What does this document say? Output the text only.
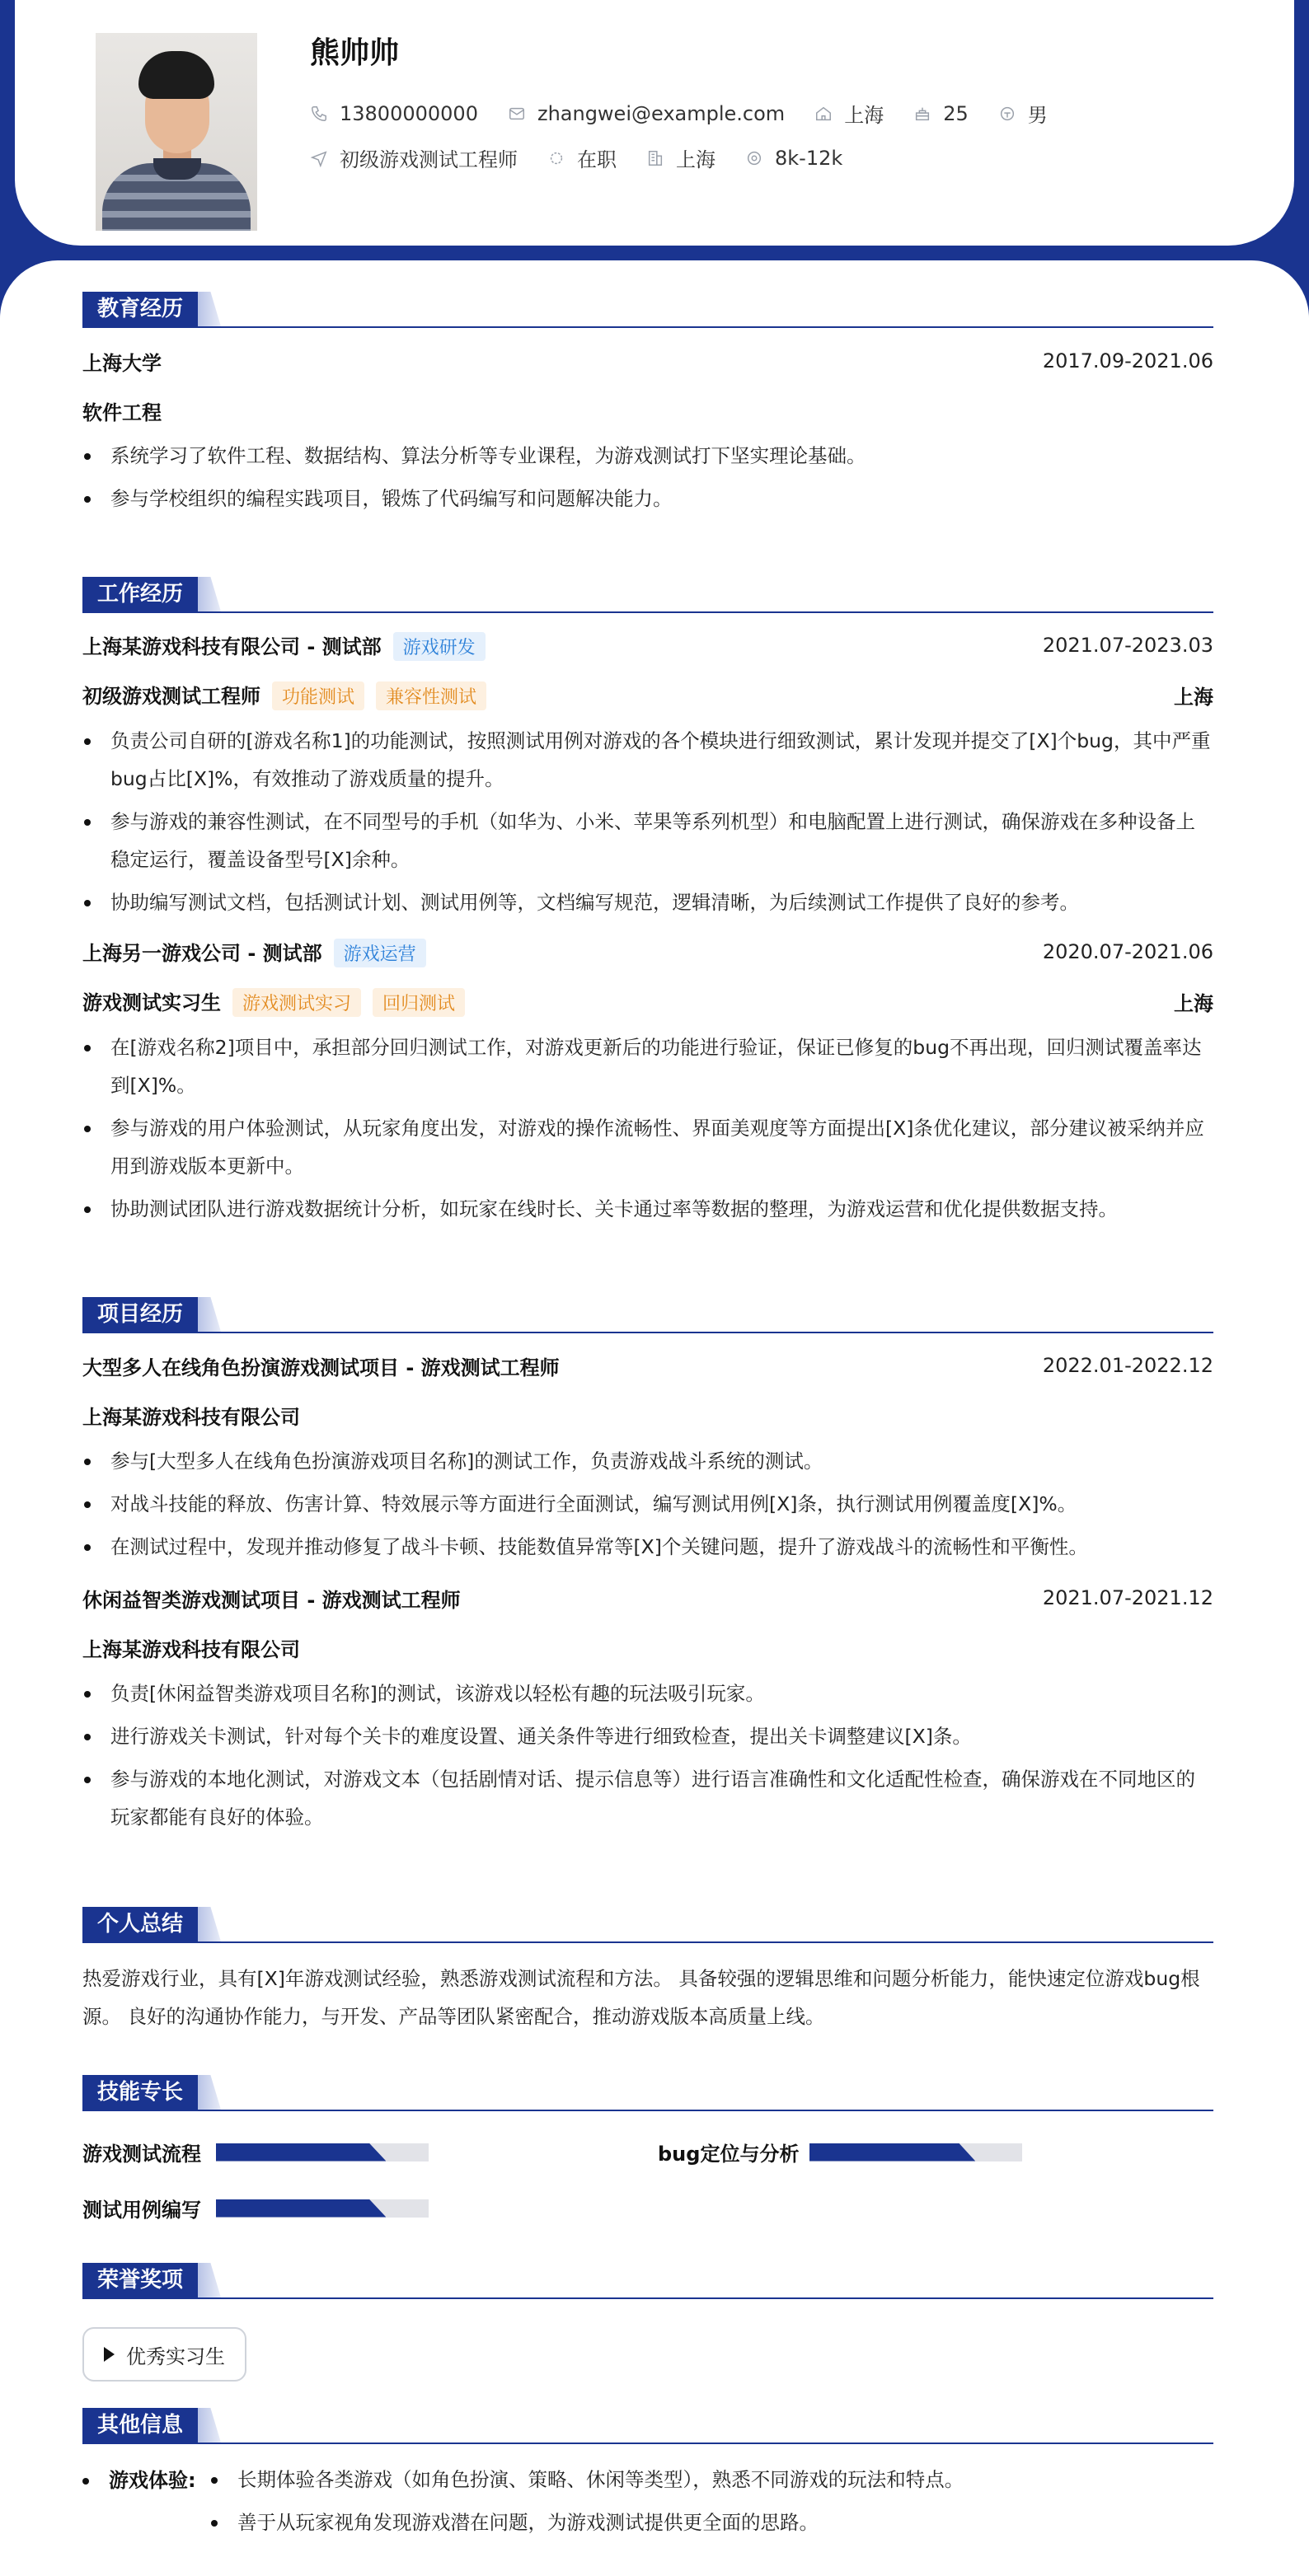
熊帅帅
13800000000	zhangwei@example.com	上海	25	男
初级游戏测试工程师	在职	上海	8k-12k
教育经历
上海大学	2017.09-2021.06
软件工程
系统学习了软件工程、数据结构、算法分析等专业课程，为游戏测试打下坚实理论基础。
参与学校组织的编程实践项目，锻炼了代码编写和问题解决能力。
工作经历
上海某游戏科技有限公司 - 测试部 游戏研发	2021.07-2023.03
初级游戏测试工程师 功能测试 兼容性测试	上海
负责公司自研的[游戏名称1]的功能测试，按照测试用例对游戏的各个模块进行细致测试，累计发现并提交了[X]个bug，其中严重bug占比[X]%，有效推动了游戏质量的提升。
参与游戏的兼容性测试，在不同型号的手机（如华为、小米、苹果等系列机型）和电脑配置上进行测试，确保游戏在多种设备上稳定运行，覆盖设备型号[X]余种。
协助编写测试文档，包括测试计划、测试用例等，文档编写规范，逻辑清晰，为后续测试工作提供了良好的参考。
上海另一游戏公司 - 测试部 游戏运营	2020.07-2021.06
游戏测试实习生 游戏测试实习 回归测试	上海
在[游戏名称2]项目中，承担部分回归测试工作，对游戏更新后的功能进行验证，保证已修复的bug不再出现，回归测试覆盖率达到[X]%。
参与游戏的用户体验测试，从玩家角度出发，对游戏的操作流畅性、界面美观度等方面提出[X]条优化建议，部分建议被采纳并应用到游戏版本更新中。
协助测试团队进行游戏数据统计分析，如玩家在线时长、关卡通过率等数据的整理，为游戏运营和优化提供数据支持。
项目经历
大型多人在线角色扮演游戏测试项目 - 游戏测试工程师	2022.01-2022.12
上海某游戏科技有限公司
参与[大型多人在线角色扮演游戏项目名称]的测试工作，负责游戏战斗系统的测试。
对战斗技能的释放、伤害计算、特效展示等方面进行全面测试，编写测试用例[X]条，执行测试用例覆盖度[X]%。
在测试过程中，发现并推动修复了战斗卡顿、技能数值异常等[X]个关键问题，提升了游戏战斗的流畅性和平衡性。
休闲益智类游戏测试项目 - 游戏测试工程师	2021.07-2021.12
上海某游戏科技有限公司
负责[休闲益智类游戏项目名称]的测试，该游戏以轻松有趣的玩法吸引玩家。
进行游戏关卡测试，针对每个关卡的难度设置、通关条件等进行细致检查，提出关卡调整建议[X]条。
参与游戏的本地化测试，对游戏文本（包括剧情对话、提示信息等）进行语言准确性和文化适配性检查，确保游戏在不同地区的玩家都能有良好的体验。
个人总结
热爱游戏行业，具有[X]年游戏测试经验，熟悉游戏测试流程和方法。 具备较强的逻辑思维和问题分析能力，能快速定位游戏bug根源。 良好的沟通协作能力，与开发、产品等团队紧密配合，推动游戏版本高质量上线。
技能专长
游戏测试流程	bug定位与分析
测试用例编写
荣誉奖项
优秀实习生
其他信息
游戏体验:	长期体验各类游戏（如角色扮演、策略、休闲等类型），熟悉不同游戏的玩法和特点。
善于从玩家视角发现游戏潜在问题，为游戏测试提供更全面的思路。
